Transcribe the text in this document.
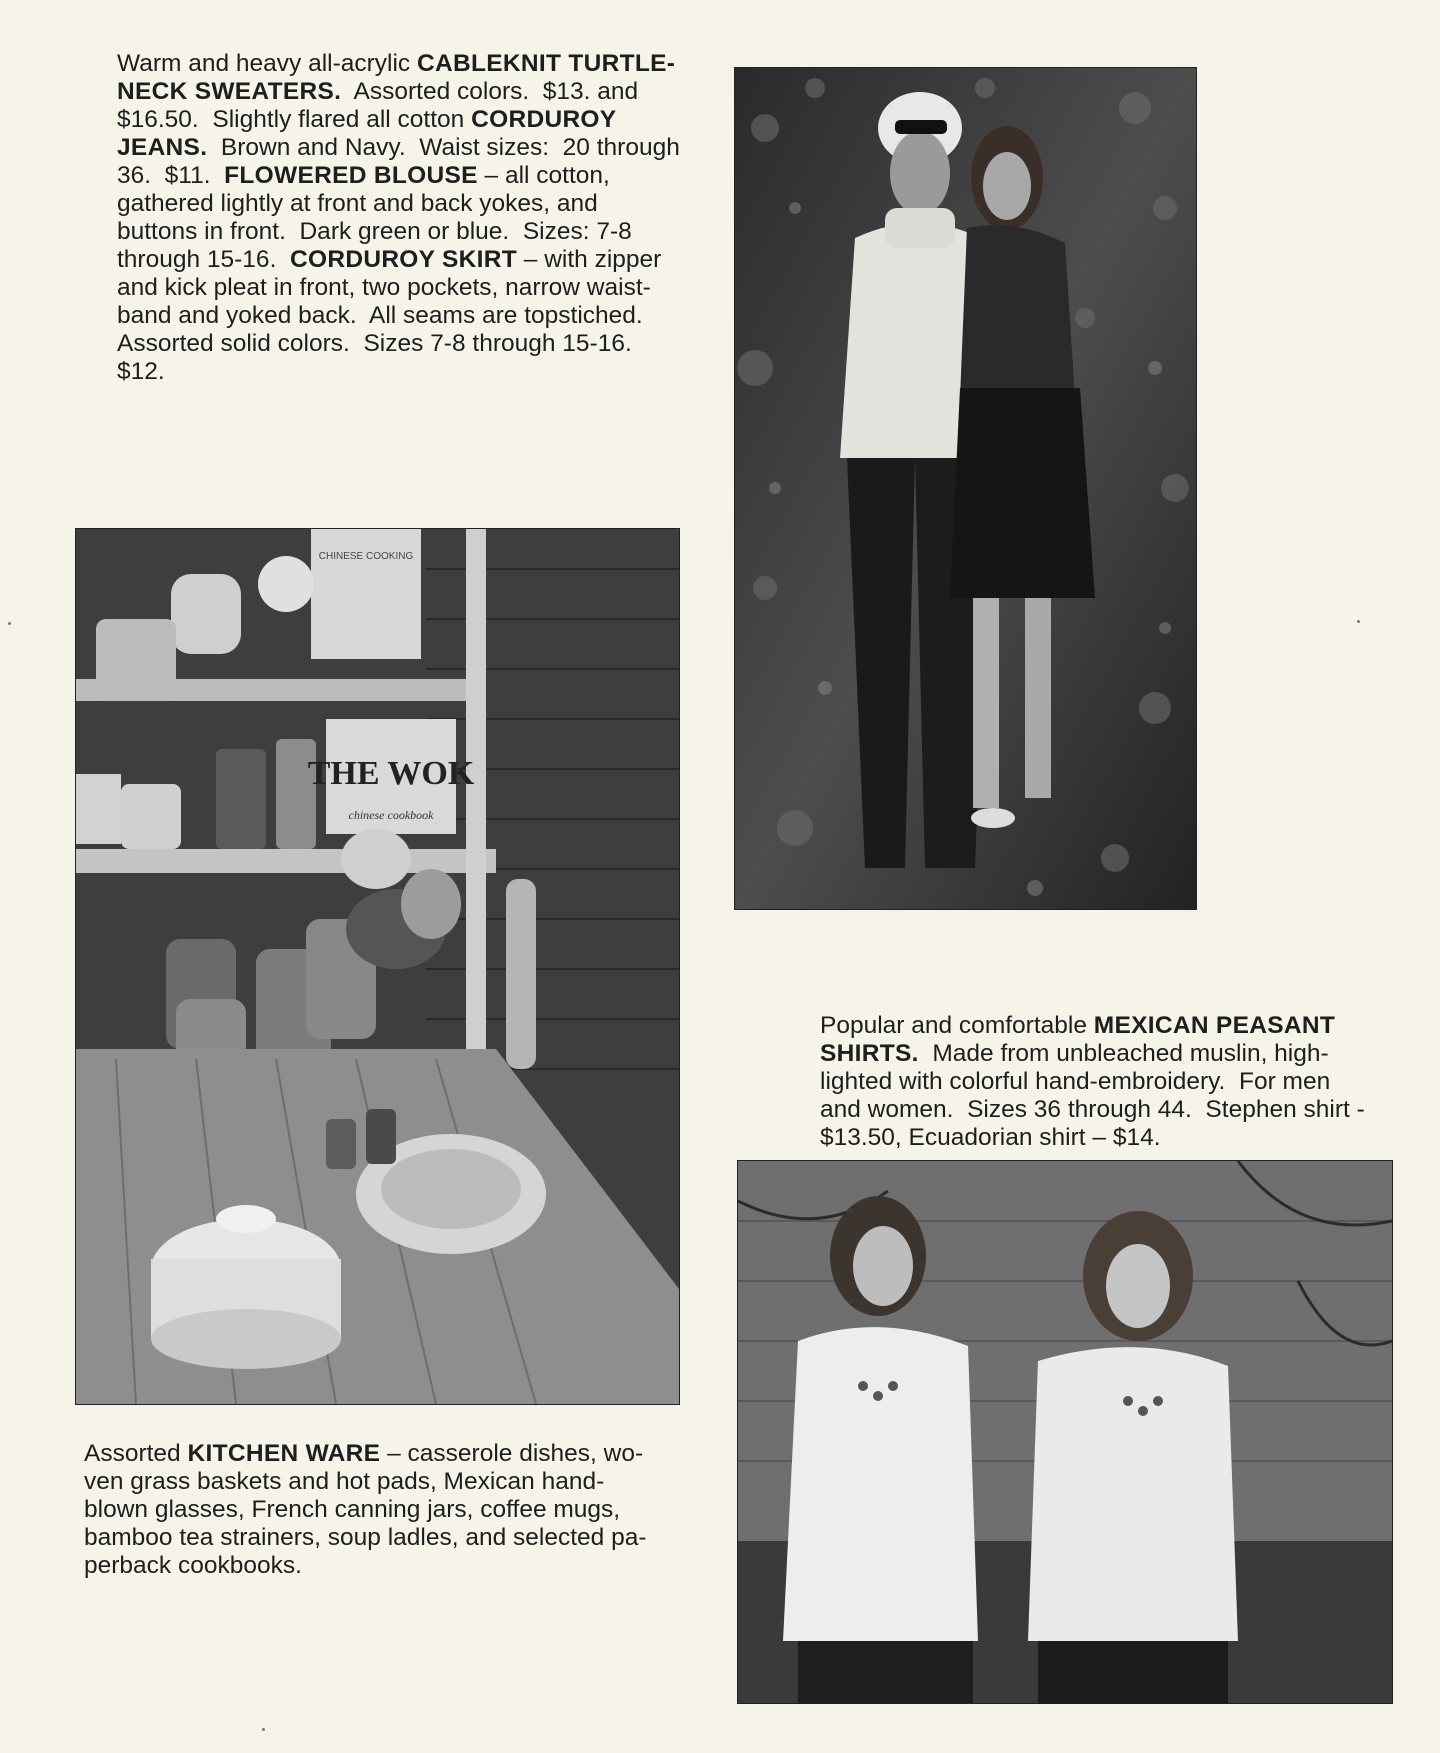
Warm and heavy all-acrylic CABLEKNIT TURTLE-
NECK SWEATERS.  Assorted colors.  $13. and
$16.50.  Slightly flared all cotton CORDUROY
JEANS.  Brown and Navy.  Waist sizes:  20 through
36.  $11.  FLOWERED BLOUSE – all cotton,
gathered lightly at front and back yokes, and
buttons in front.  Dark green or blue.  Sizes: 7-8
through 15-16.  CORDUROY SKIRT – with zipper
and kick pleat in front, two pockets, narrow waist-
band and yoked back.  All seams are topstiched.
Assorted solid colors.  Sizes 7-8 through 15-16.
$12.
CHINESE COOKING
THE WOK
chinese cookbook
Assorted KITCHEN WARE – casserole dishes, wo-
ven grass baskets and hot pads, Mexican hand-
blown glasses, French canning jars, coffee mugs,
bamboo tea strainers, soup ladles, and selected pa-
perback cookbooks.
Popular and comfortable MEXICAN PEASANT
SHIRTS.  Made from unbleached muslin, high-
lighted with colorful hand-embroidery.  For men
and women.  Sizes 36 through 44.  Stephen shirt -
$13.50, Ecuadorian shirt – $14.
